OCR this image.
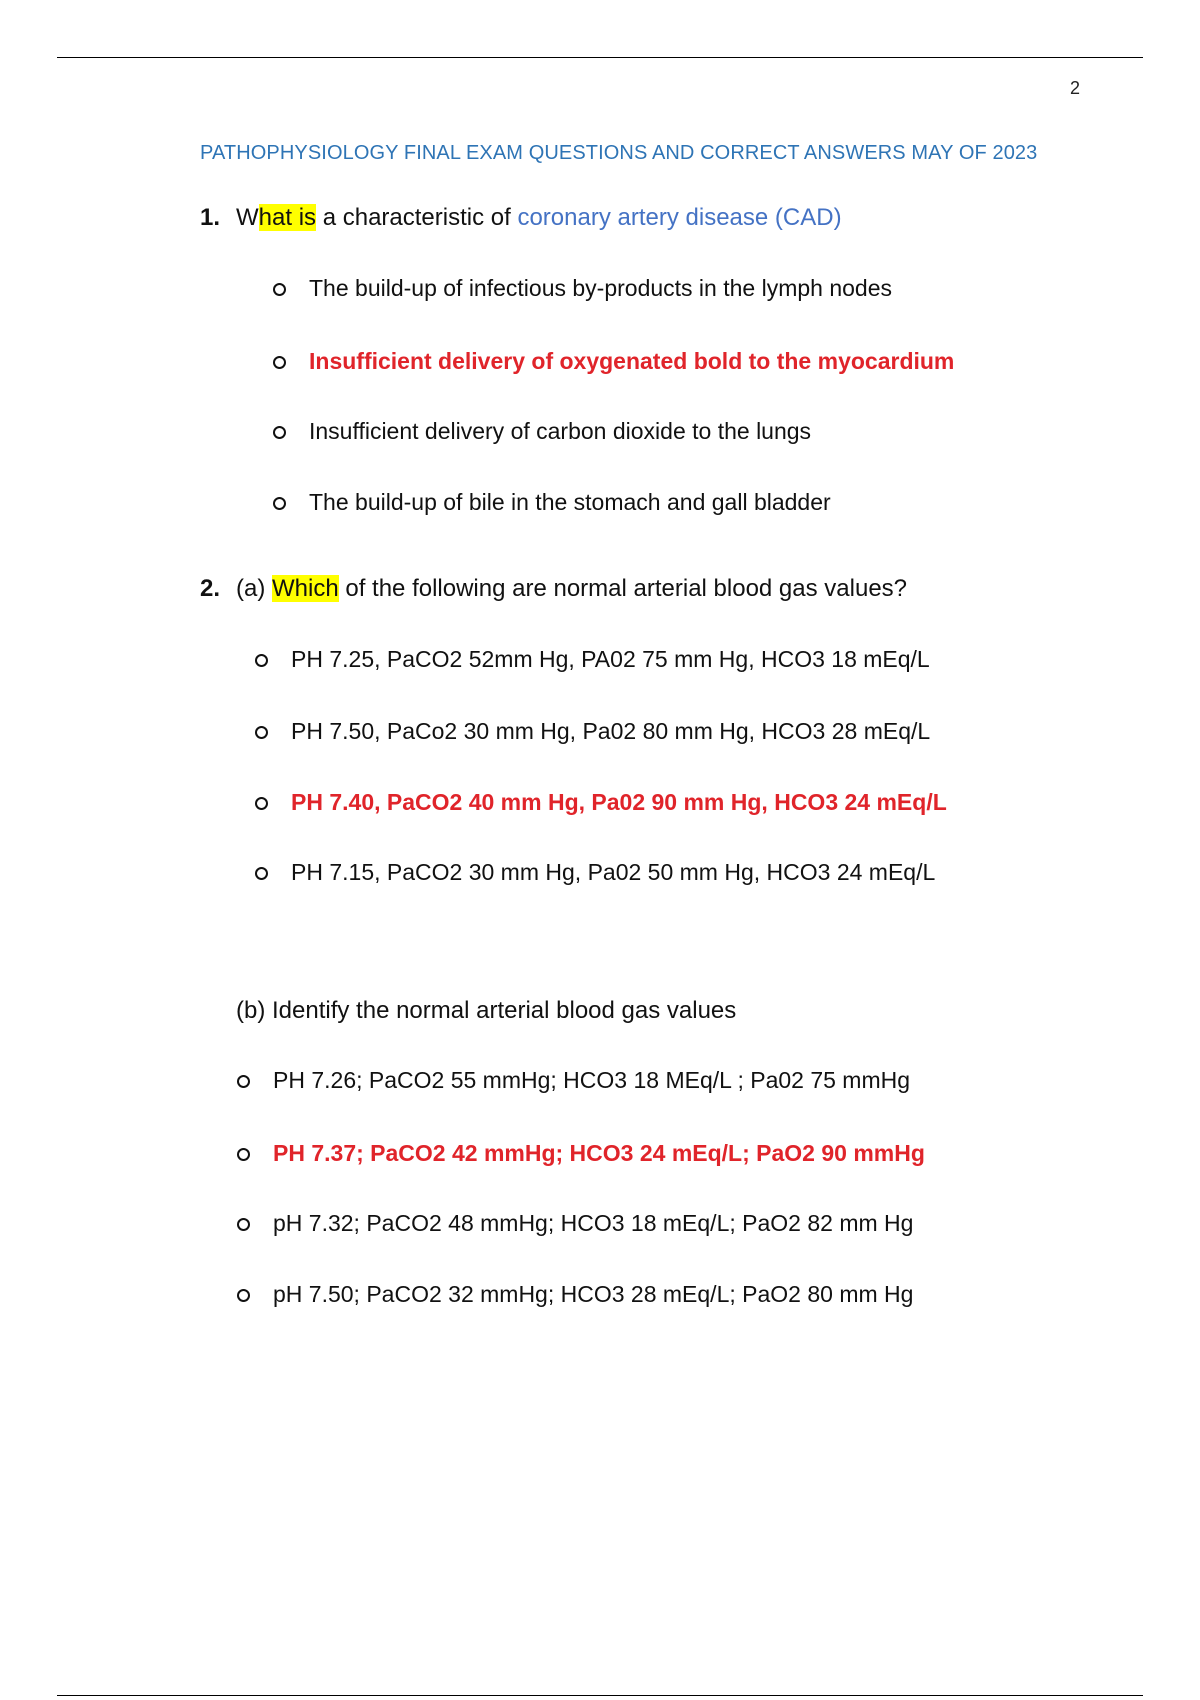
2
PATHOPHYSIOLOGY FINAL EXAM QUESTIONS AND CORRECT ANSWERS MAY OF 2023
1. What is a characteristic of coronary artery disease (CAD)
The build-up of infectious by-products in the lymph nodes
Insufficient delivery of oxygenated bold to the myocardium
Insufficient delivery of carbon dioxide to the lungs
The build-up of bile in the stomach and gall bladder
2. (a) Which of the following are normal arterial blood gas values?
PH 7.25, PaCO2 52mm Hg, PA02 75 mm Hg, HCO3 18 mEq/L
PH 7.50, PaCo2 30 mm Hg, Pa02 80 mm Hg, HCO3 28 mEq/L
PH 7.40, PaCO2 40 mm Hg, Pa02 90 mm Hg, HCO3 24 mEq/L
PH 7.15, PaCO2 30 mm Hg, Pa02 50 mm Hg, HCO3 24 mEq/L
(b) Identify the normal arterial blood gas values
PH 7.26; PaCO2 55 mmHg; HCO3 18 MEq/L ; Pa02 75 mmHg
PH 7.37; PaCO2 42 mmHg; HCO3 24 mEq/L; PaO2 90 mmHg
pH 7.32; PaCO2 48 mmHg; HCO3 18 mEq/L; PaO2 82 mm Hg
pH 7.50; PaCO2 32 mmHg; HCO3 28 mEq/L; PaO2 80 mm Hg
